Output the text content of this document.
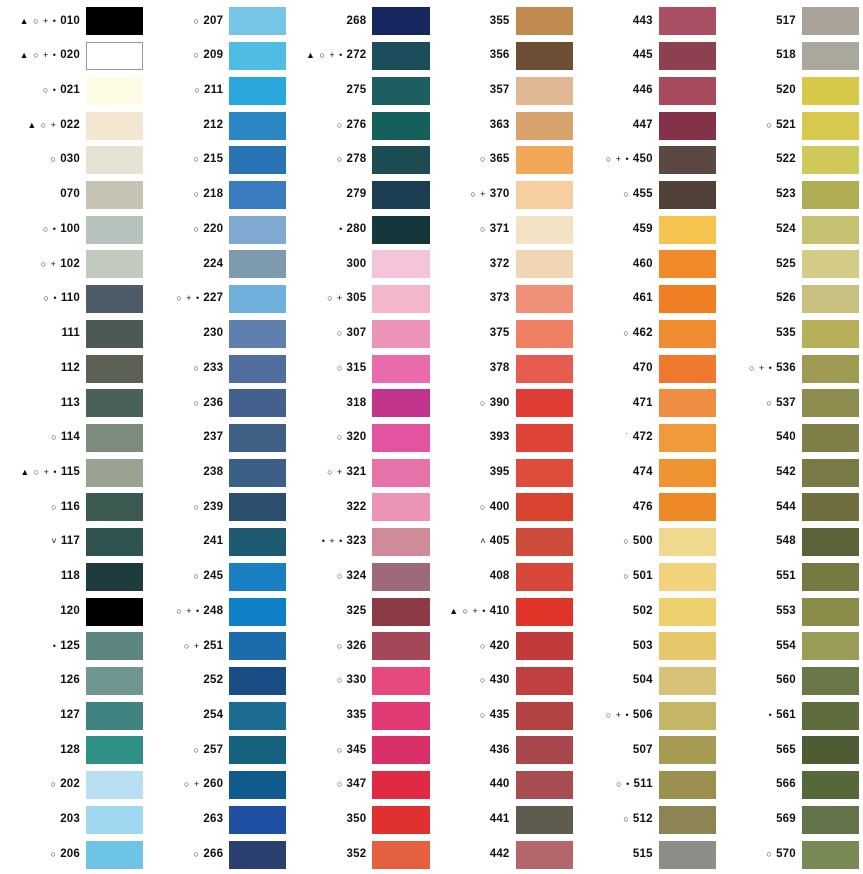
▲ ○ + • 010
▲ ○ + • 020
○ • 021
▲ ○ + 022
○ 030
070
○ • 100
○ + 102
○ • 110
111
112
113
○ 114
▲ ○ + • 115
○ 116
˅ 117
118
120
• 125
126
127
128
○ 202
203
○ 206
○ 207
○ 209
○ 211
212
○ 215
○ 218
○ 220
224
○ + • 227
230
○ 233
○ 236
237
238
○ 239
241
○ 245
○ + • 248
○ + 251
252
254
○ 257
○ + 260
263
○ 266
268
▲ ○ + • 272
275
○ 276
○ 278
279
• 280
300
○ + 305
○ 307
○ 315
318
○ 320
○ + 321
322
• + • 323
○ 324
325
○ 326
○ 330
335
○ 345
○ 347
350
352
355
356
357
363
○ 365
○ + 370
○ 371
372
373
375
378
○ 390
393
395
○ 400
˄ 405
408
▲ ○ + • 410
○ 420
○ 430
○ 435
436
440
441
442
443
445
446
447
○ + • 450
○ 455
459
460
461
○ 462
470
471
˙ 472
474
476
○ 500
○ 501
502
503
504
○ + • 506
507
○ • 511
○ 512
515
517
518
520
○ 521
522
523
524
525
526
535
○ + • 536
○ 537
540
542
544
548
551
553
554
560
• 561
565
566
569
○ 570
